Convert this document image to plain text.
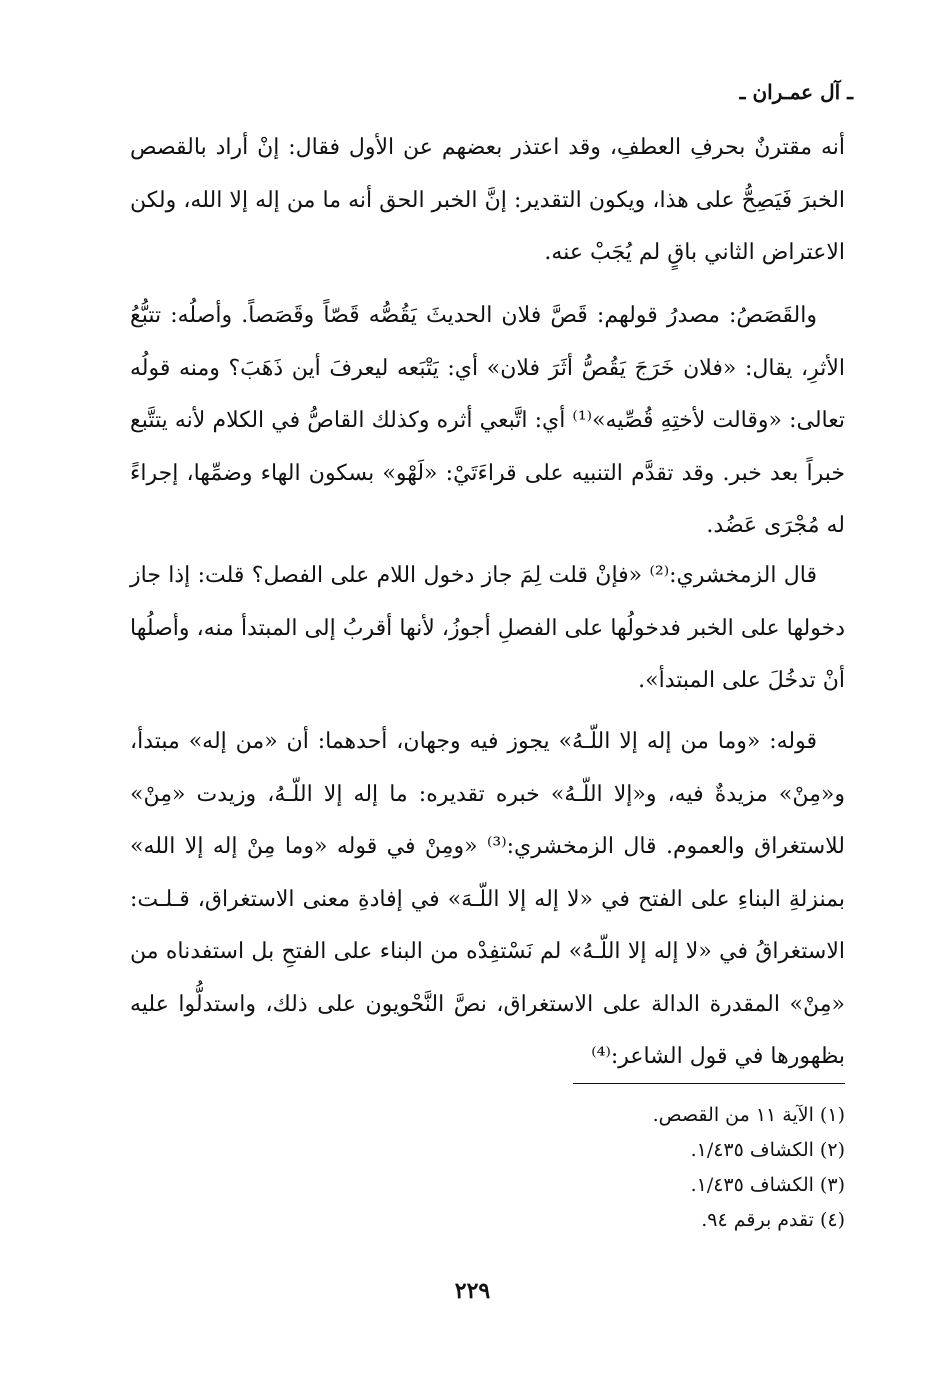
ـ آل عمـران ـ

أنه مقترنٌ بحرفِ العطفِ، وقد اعتذر بعضهم عن الأول فقال: إنْ أراد بالقصص الخبرَ فَيَصِحُّ على هذا، ويكون التقدير: إنَّ الخبر الحق أنه ما من إله إلا الله، ولكن الاعتراض الثاني باقٍ لم يُجَبْ عنه.

والقَصَصُ: مصدرُ قولهم: قَصَّ فلان الحديثَ يَقُصُّه قَصّاً وقَصَصاً. وأصلُه: تتبُّعُ الأثرِ، يقال: «فلان خَرَجَ يَقُصُّ أثَرَ فلان» أي: يَتْبَعه ليعرفَ أين ذَهَبَ؟ ومنه قولُه تعالى: «وقالت لأختِهِ قُصِّيه»⁽¹⁾ أي: اتَّبعي أثره وكذلك القاصُّ في الكلام لأنه يتتَّبع خبراً بعد خبر. وقد تقدَّم التنبيه على قراءَتَيْ: «لَهْو» بسكون الهاء وضمِّها، إجراءً له مُجْرَى عَضُد.

قال الزمخشري:⁽²⁾ «فإنْ قلت لِمَ جاز دخول اللام على الفصل؟ قلت: إذا جاز دخولها على الخبر فدخولُها على الفصلِ أجوزُ، لأنها أقربُ إلى المبتدأ منه، وأصلُها أنْ تدخُلَ على المبتدأ».

قوله: «وما من إله إلا اللّـهُ» يجوز فيه وجهان، أحدهما: أن «من إله» مبتدأ، و«مِنْ» مزيدةٌ فيه، و«إلا اللّـهُ» خبره تقديره: ما إله إلا اللّـهُ، وزيدت «مِنْ» للاستغراق والعموم. قال الزمخشري:⁽³⁾ «ومِنْ في قوله «وما مِنْ إله إلا الله» بمنزلةِ البناءِ على الفتح في «لا إله إلا اللّـهَ» في إفادةِ معنى الاستغراق، قـلـت: الاستغراقُ في «لا إله إلا اللّـهُ» لم نَسْتفِدْه من البناء على الفتحِ بل استفدناه من «مِنْ» المقدرة الدالة على الاستغراق، نصَّ النَّحْويون على ذلك، واستدلُّوا عليه بظهورها في قول الشاعر:⁽⁴⁾

(١) الآية ١١ من القصص.
(٢) الكشاف ١/٤٣٥.
(٣) الكشاف ١/٤٣٥.
(٤) تقدم برقم ٩٤.
٢٢٩
